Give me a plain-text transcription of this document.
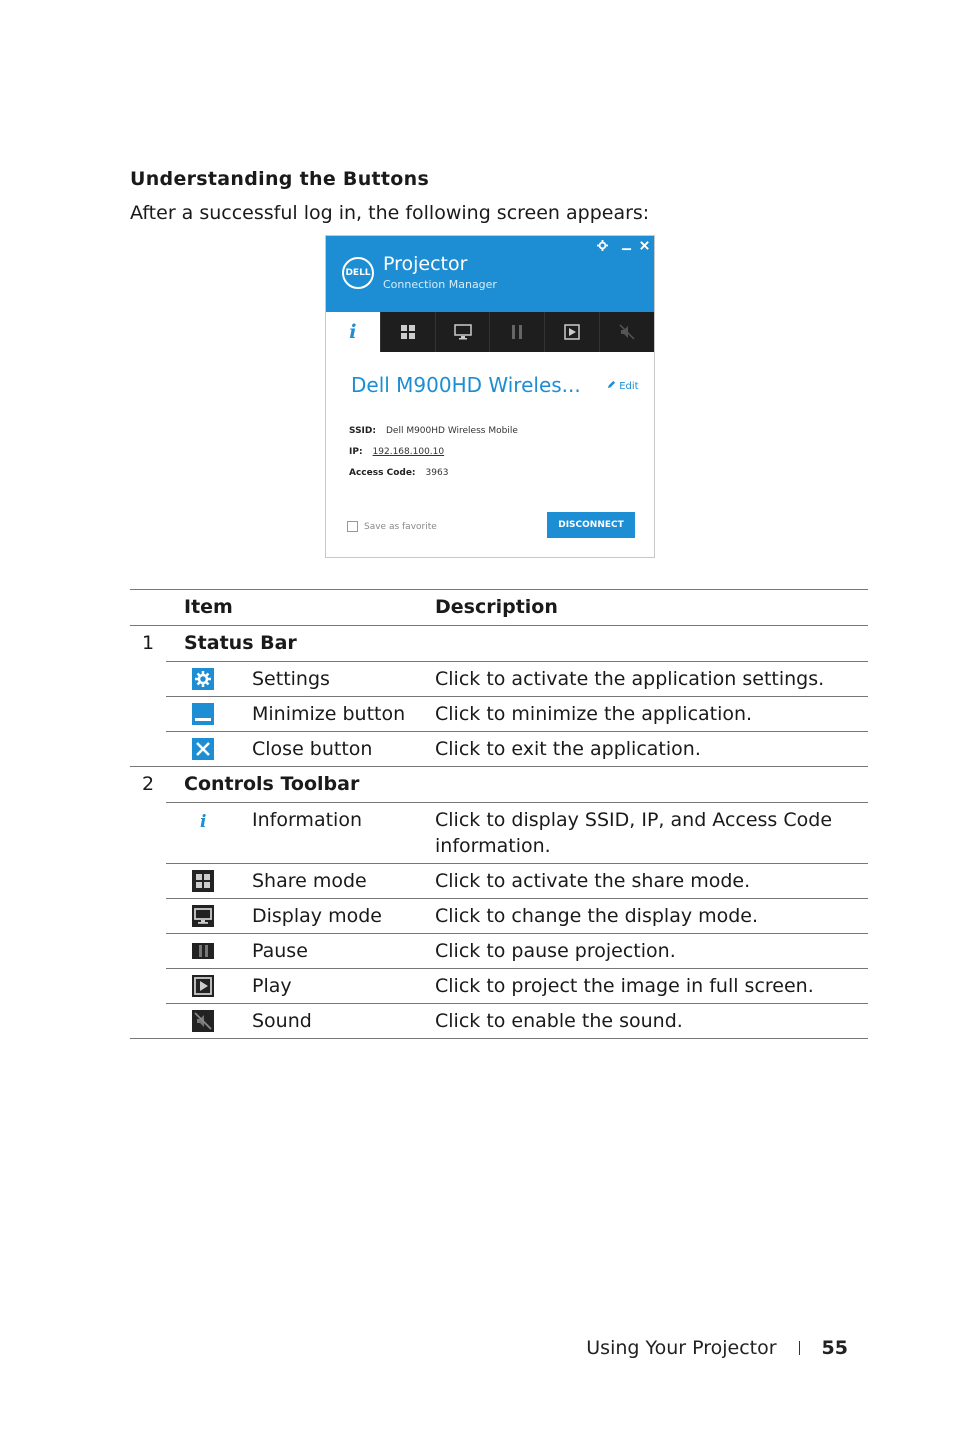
Understanding the Buttons
After a successful log in, the following screen appears:
DELL Projector
Connection Manager
i
Dell M900HD Wireles...	Edit
SSID: Dell M900HD Wireless Mobile
IP: 192.168.100.10
Access Code: 3963
Save as favorite	DISCONNECT
	Item		Description
1	Status Bar		
	Settings	Click to activate the application settings.
	Minimize button	Click to minimize the application.
	Close button	Click to exit the application.
2	Controls Toolbar		

i	Information	Click to display SSID, IP, and Access Code information.
	Share mode	Click to activate the share mode.
	Display mode	Click to change the display mode.
	Pause	Click to pause projection.
	Play	Click to project the image in full screen.
	Sound	Click to enable the sound.
Using Your Projector 55
